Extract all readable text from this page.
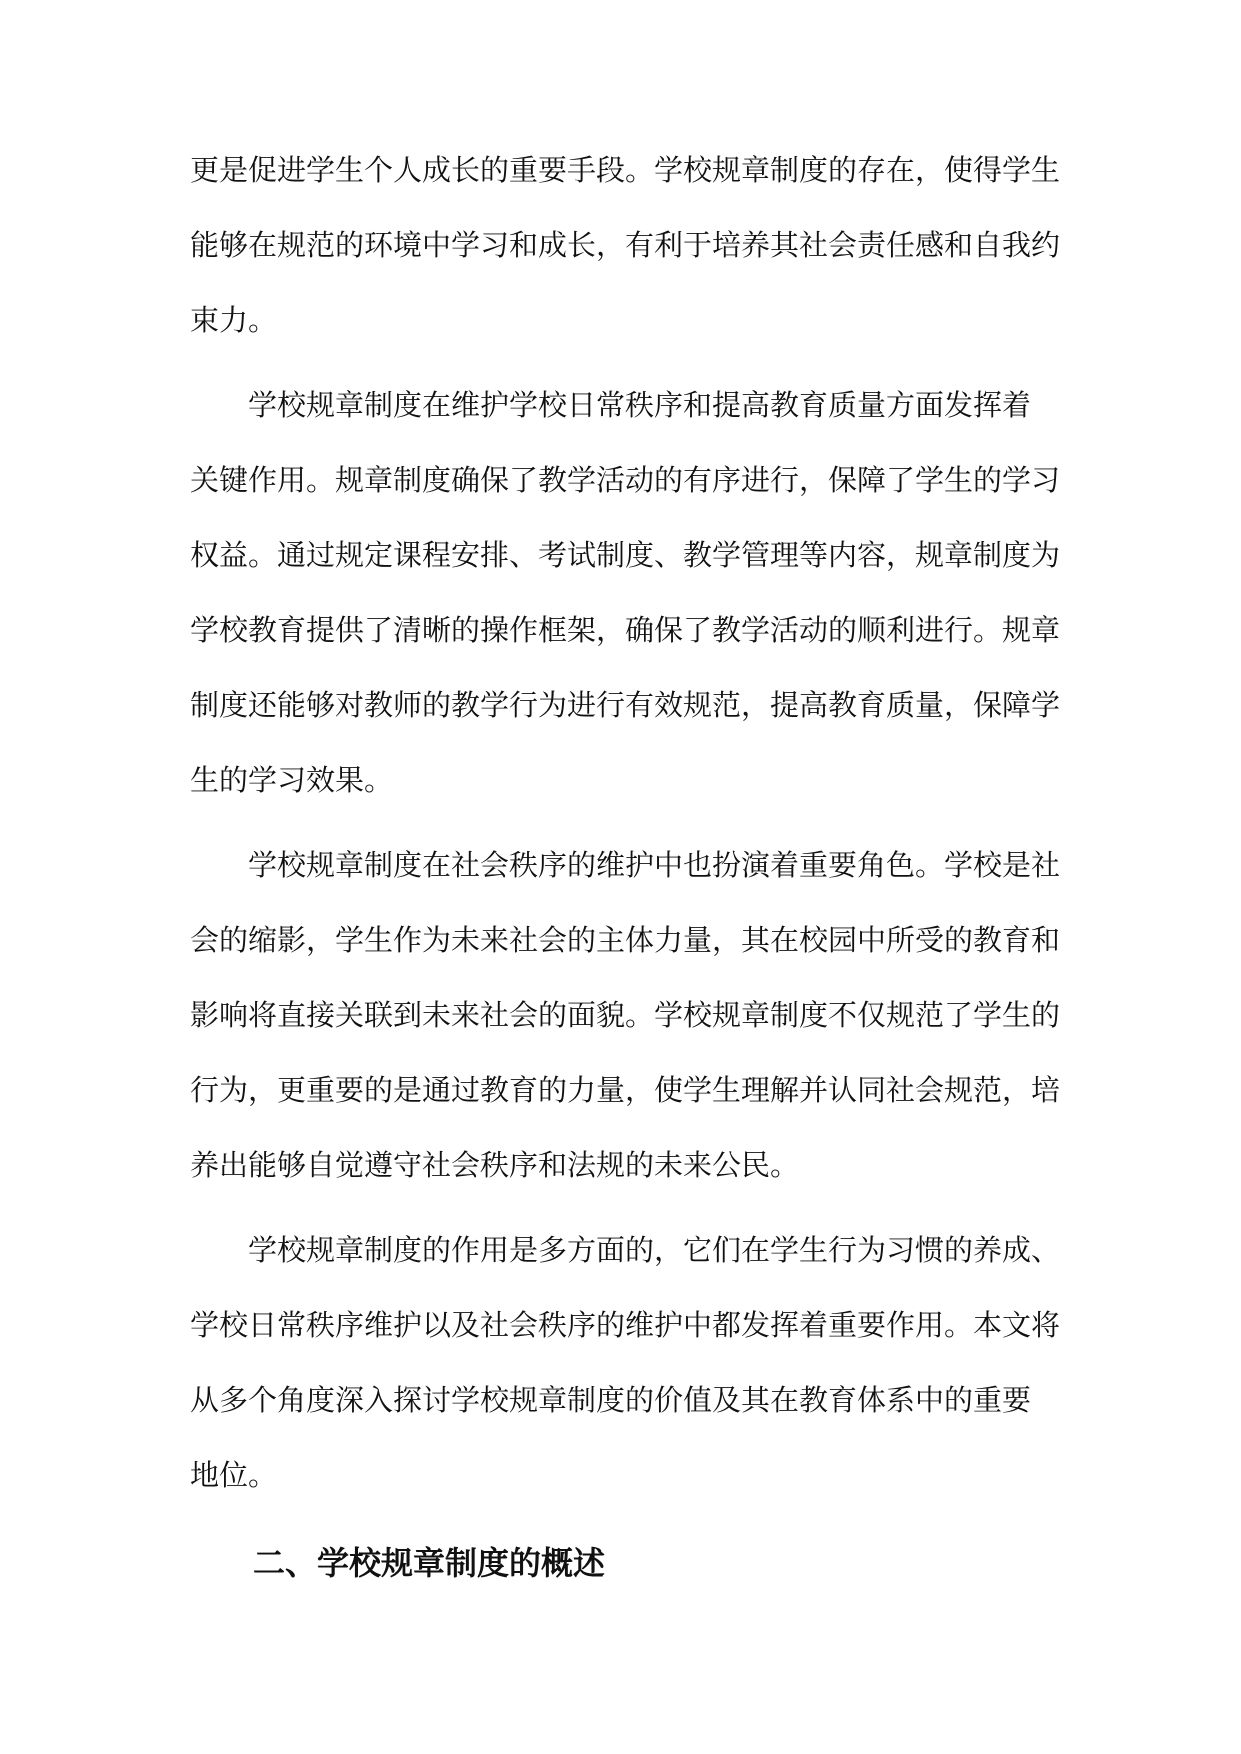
更是促进学生个人成长的重要手段。学校规章制度的存在，使得学生
能够在规范的环境中学习和成长，有利于培养其社会责任感和自我约
束力。

学校规章制度在维护学校日常秩序和提高教育质量方面发挥着
关键作用。规章制度确保了教学活动的有序进行，保障了学生的学习
权益。通过规定课程安排、考试制度、教学管理等内容，规章制度为
学校教育提供了清晰的操作框架，确保了教学活动的顺利进行。规章
制度还能够对教师的教学行为进行有效规范，提高教育质量，保障学
生的学习效果。

学校规章制度在社会秩序的维护中也扮演着重要角色。学校是社
会的缩影，学生作为未来社会的主体力量，其在校园中所受的教育和
影响将直接关联到未来社会的面貌。学校规章制度不仅规范了学生的
行为，更重要的是通过教育的力量，使学生理解并认同社会规范，培
养出能够自觉遵守社会秩序和法规的未来公民。

学校规章制度的作用是多方面的，它们在学生行为习惯的养成、
学校日常秩序维护以及社会秩序的维护中都发挥着重要作用。本文将
从多个角度深入探讨学校规章制度的价值及其在教育体系中的重要
地位。

二、学校规章制度的概述
